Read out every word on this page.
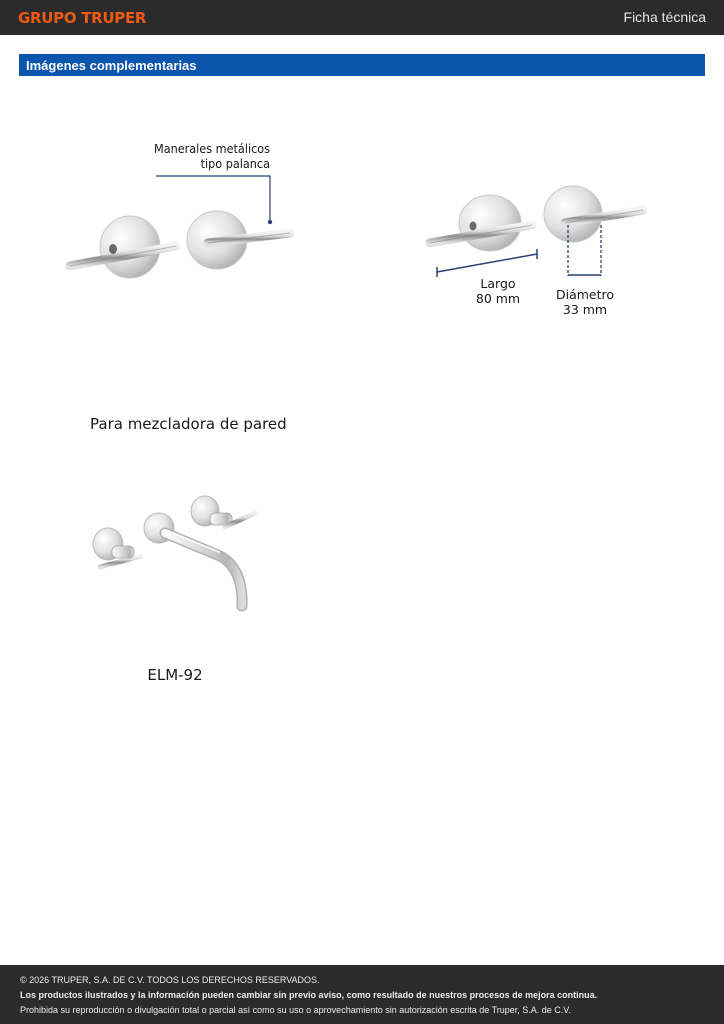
GRUPO TRUPER	Ficha técnica
Imágenes complementarias
Manerales metálicos
tipo palanca
Largo
80 mm	Diámetro
33 mm
Para mezcladora de pared
ELM-92

© 2026 TRUPER, S.A. DE C.V. TODOS LOS DERECHOS RESERVADOS.

Los productos ilustrados y la información pueden cambiar sin previo aviso, como resultado de nuestros procesos de mejora continua.

Prohibida su reproducción o divulgación total o parcial así como su uso o aprovechamiento sin autorización escrita de Truper, S.A. de C.V.
